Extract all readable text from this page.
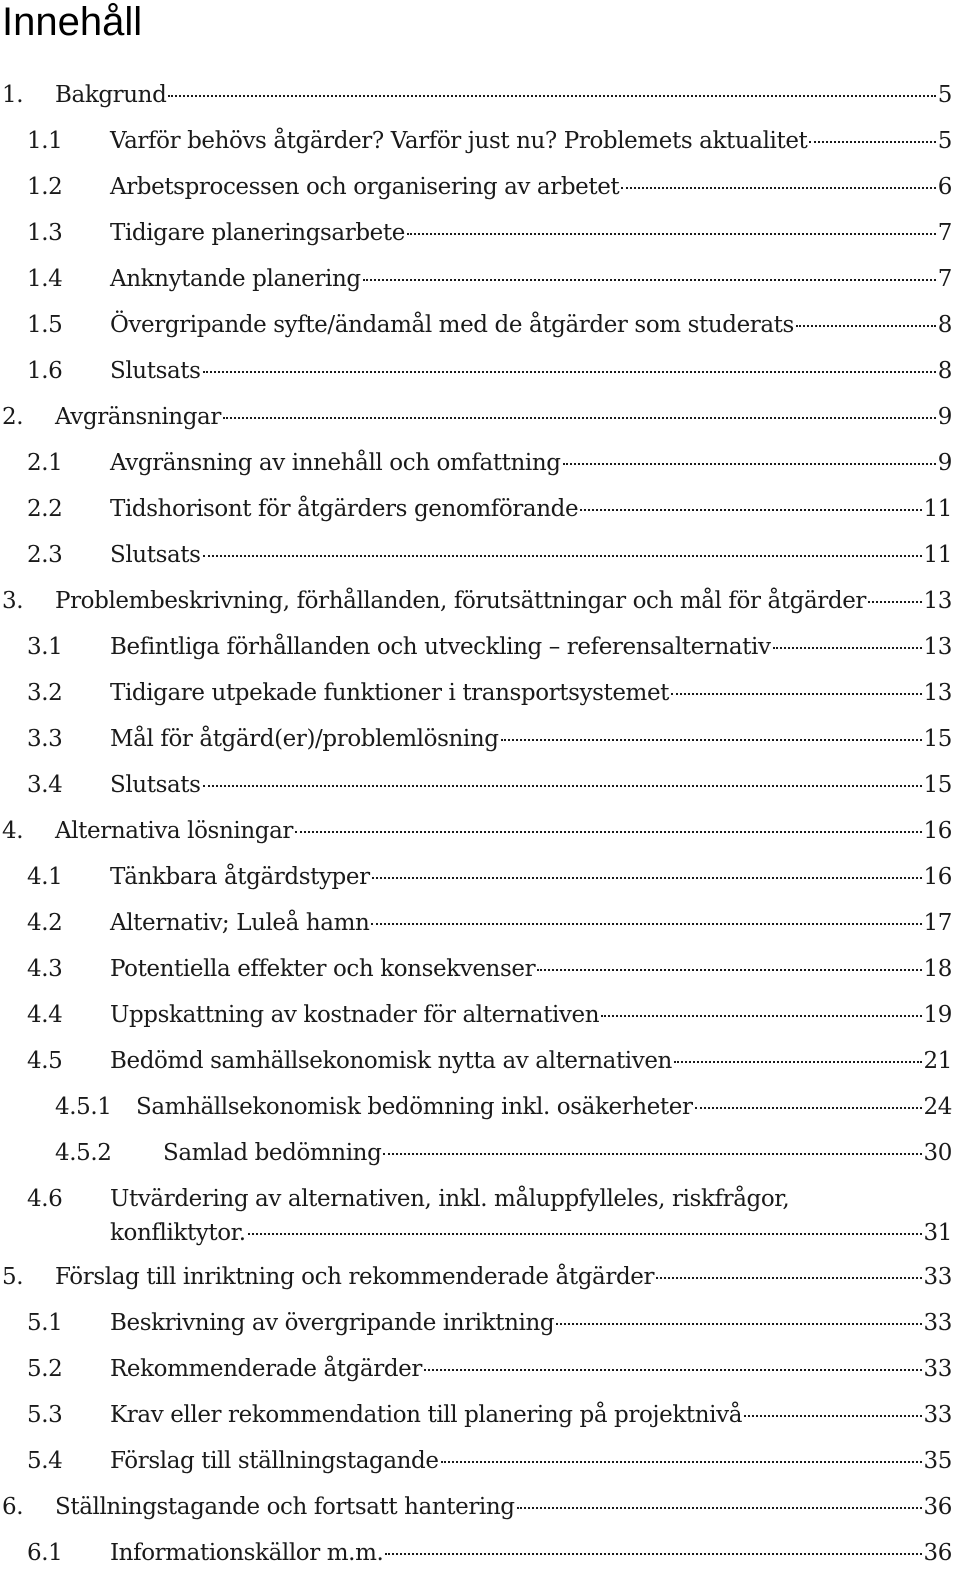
Innehåll
1. Bakgrund	5
1.1 Varför behövs åtgärder? Varför just nu? Problemets aktualitet	5
1.2 Arbetsprocessen och organisering av arbetet	6
1.3 Tidigare planeringsarbete	7
1.4 Anknytande planering	7
1.5 Övergripande syfte/ändamål med de åtgärder som studerats	8
1.6 Slutsats	8
2. Avgränsningar	9
2.1 Avgränsning av innehåll och omfattning	9
2.2 Tidshorisont för åtgärders genomförande	11
2.3 Slutsats	11
3. Problembeskrivning, förhållanden, förutsättningar och mål för åtgärder	13
3.1 Befintliga förhållanden och utveckling – referensalternativ	13
3.2 Tidigare utpekade funktioner i transportsystemet	13
3.3 Mål för åtgärd(er)/problemlösning	15
3.4 Slutsats	15
4. Alternativa lösningar	16
4.1 Tänkbara åtgärdstyper	16
4.2 Alternativ; Luleå hamn	17
4.3 Potentiella effekter och konsekvenser	18
4.4 Uppskattning av kostnader för alternativen	19
4.5 Bedömd samhällsekonomisk nytta av alternativen	21
4.5.1 Samhällsekonomisk bedömning inkl. osäkerheter	24
4.5.2 Samlad bedömning	30
4.6 Utvärdering av alternativen, inkl. måluppfylleles, riskfrågor,
konfliktytor.	31
5. Förslag till inriktning och rekommenderade åtgärder	33
5.1 Beskrivning av övergripande inriktning	33
5.2 Rekommenderade åtgärder	33
5.3 Krav eller rekommendation till planering på projektnivå	33
5.4 Förslag till ställningstagande	35
6. Ställningstagande och fortsatt hantering	36
6.1 Informationskällor m.m.	36
